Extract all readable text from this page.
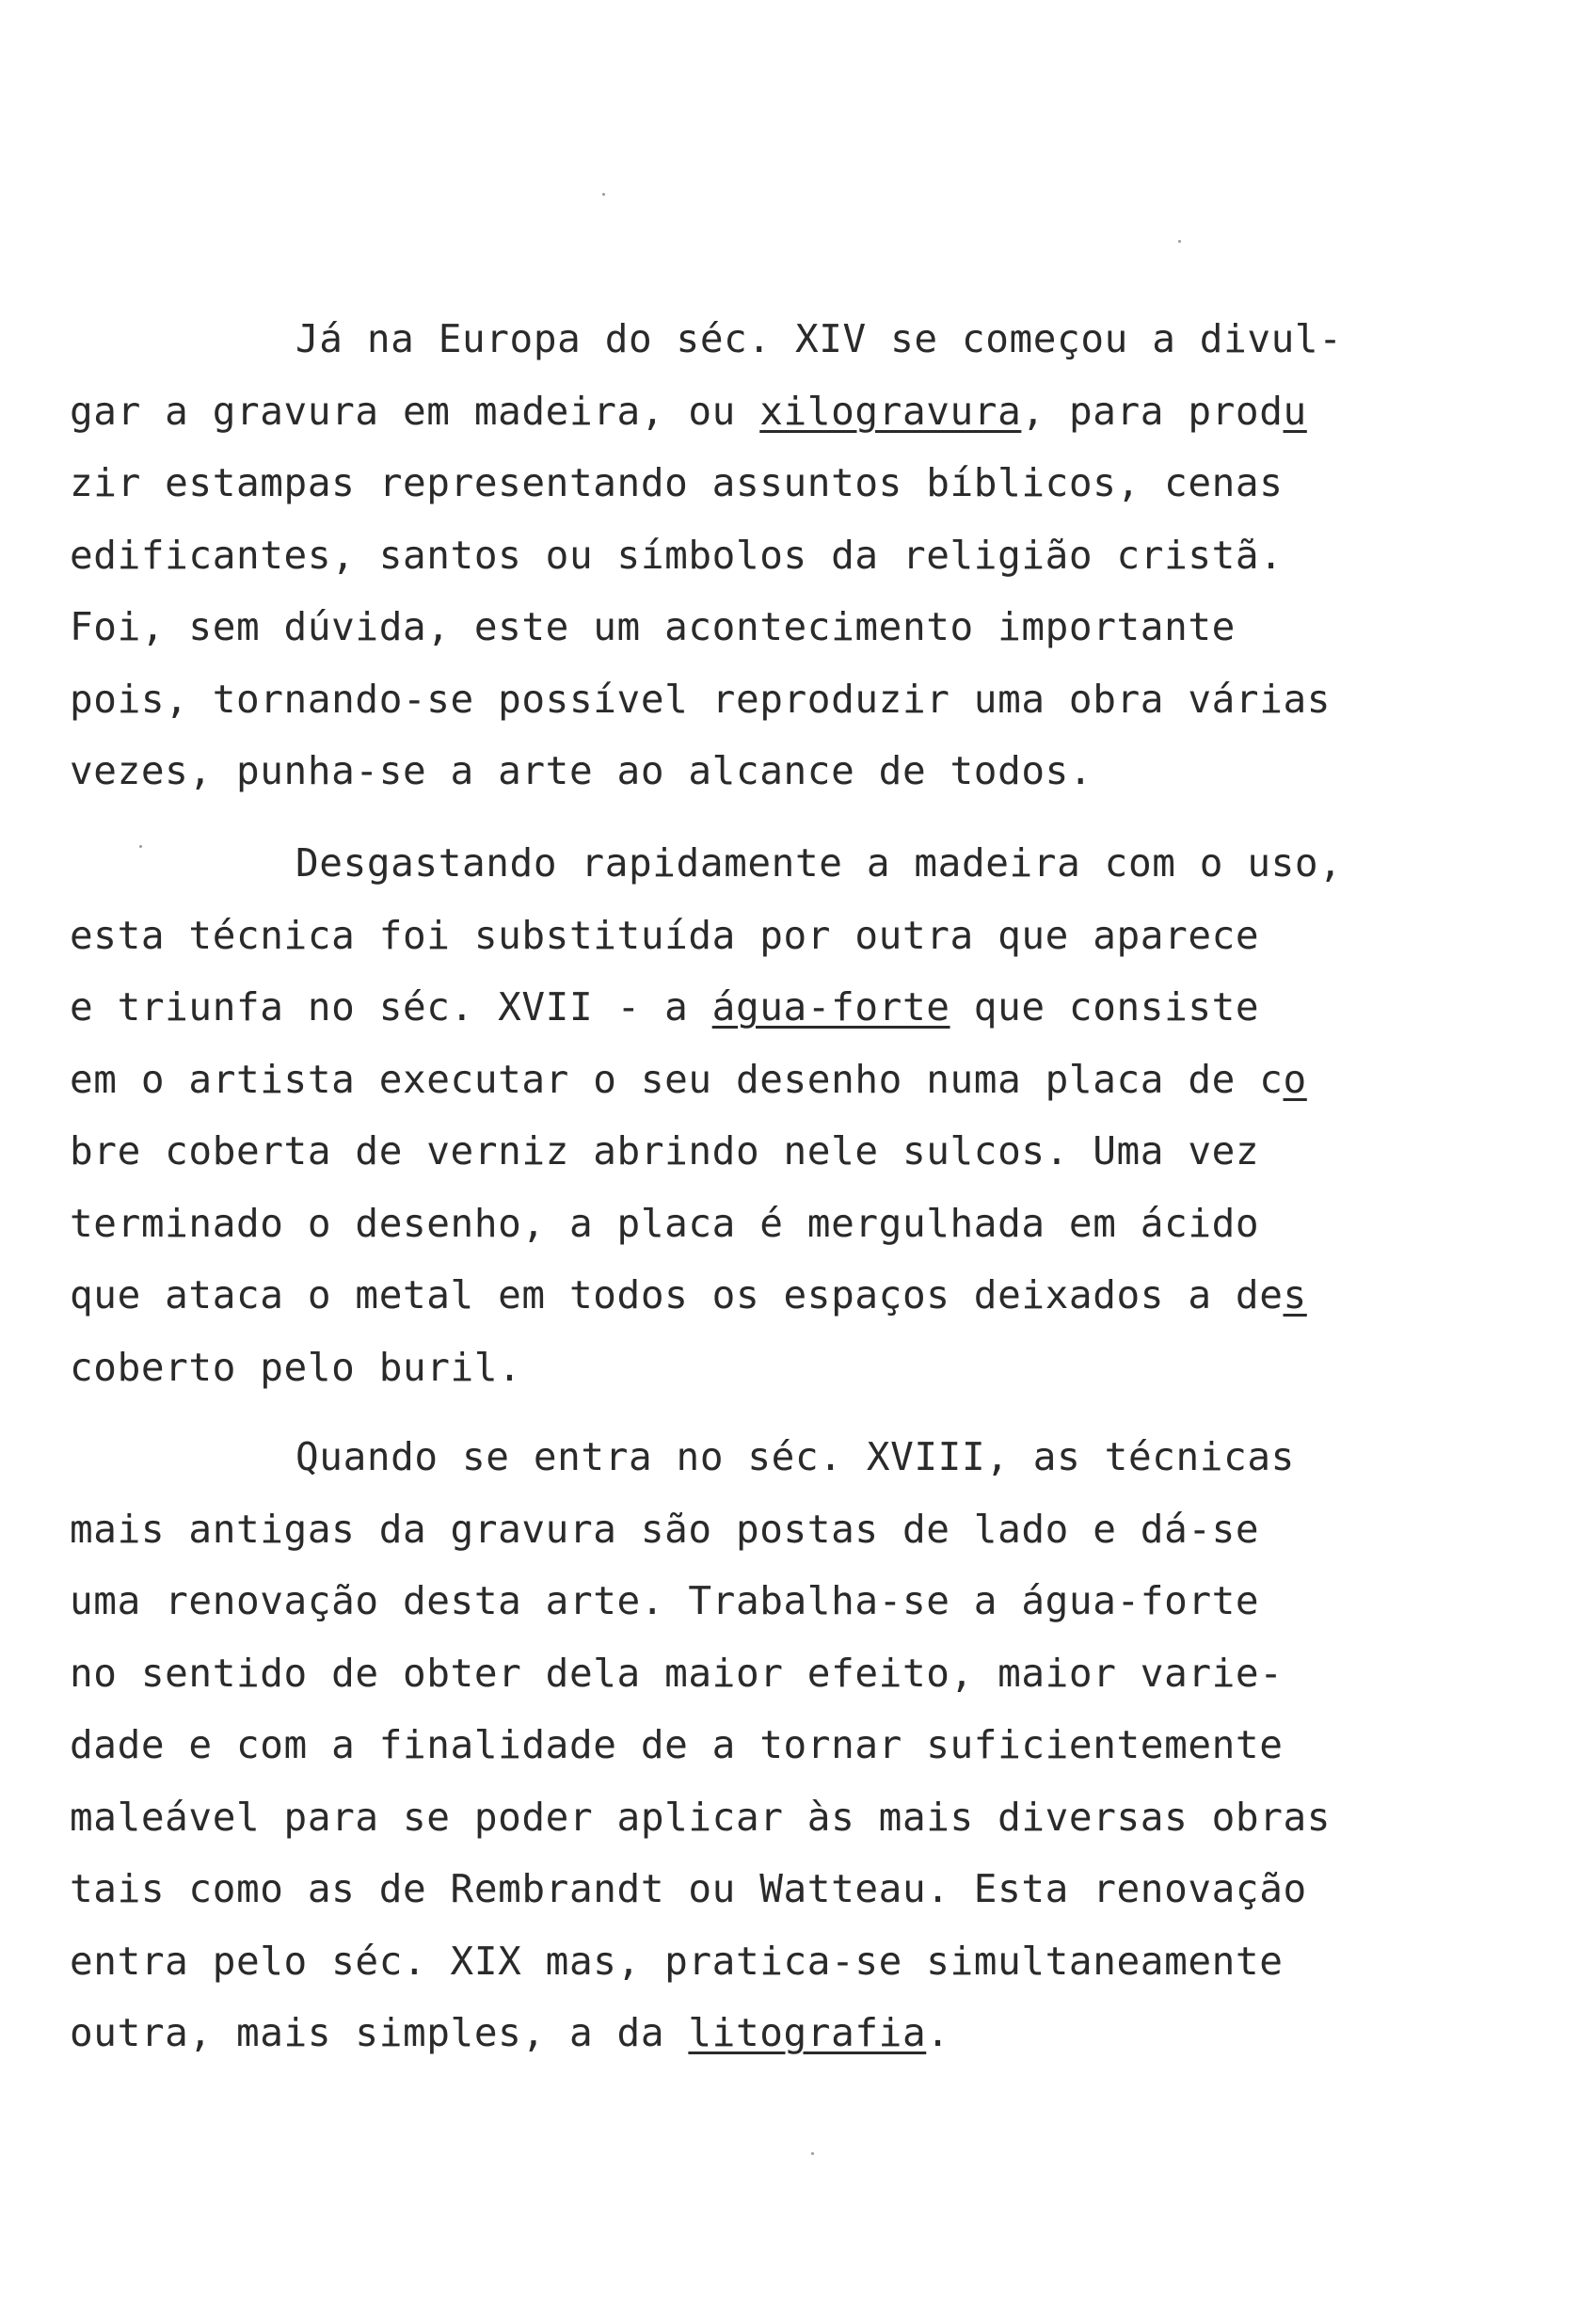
Já na Europa do séc. XIV se começou a divul-
gar a gravura em madeira, ou xilogravura, para produ
zir estampas representando assuntos bíblicos, cenas
edificantes, santos ou símbolos da religião cristã.
Foi, sem dúvida, este um acontecimento importante
pois, tornando-se possível reproduzir uma obra várias
vezes, punha-se a arte ao alcance de todos.
Desgastando rapidamente a madeira com o uso,
esta técnica foi substituída por outra que aparece
e triunfa no séc. XVII - a água-forte que consiste
em o artista executar o seu desenho numa placa de co
bre coberta de verniz abrindo nele sulcos. Uma vez
terminado o desenho, a placa é mergulhada em ácido
que ataca o metal em todos os espaços deixados a des
coberto pelo buril.
Quando se entra no séc. XVIII, as técnicas
mais antigas da gravura são postas de lado e dá-se
uma renovação desta arte. Trabalha-se a água-forte
no sentido de obter dela maior efeito, maior varie-
dade e com a finalidade de a tornar suficientemente
maleável para se poder aplicar às mais diversas obras
tais como as de Rembrandt ou Watteau. Esta renovação
entra pelo séc. XIX mas, pratica-se simultaneamente
outra, mais simples, a da litografia.
